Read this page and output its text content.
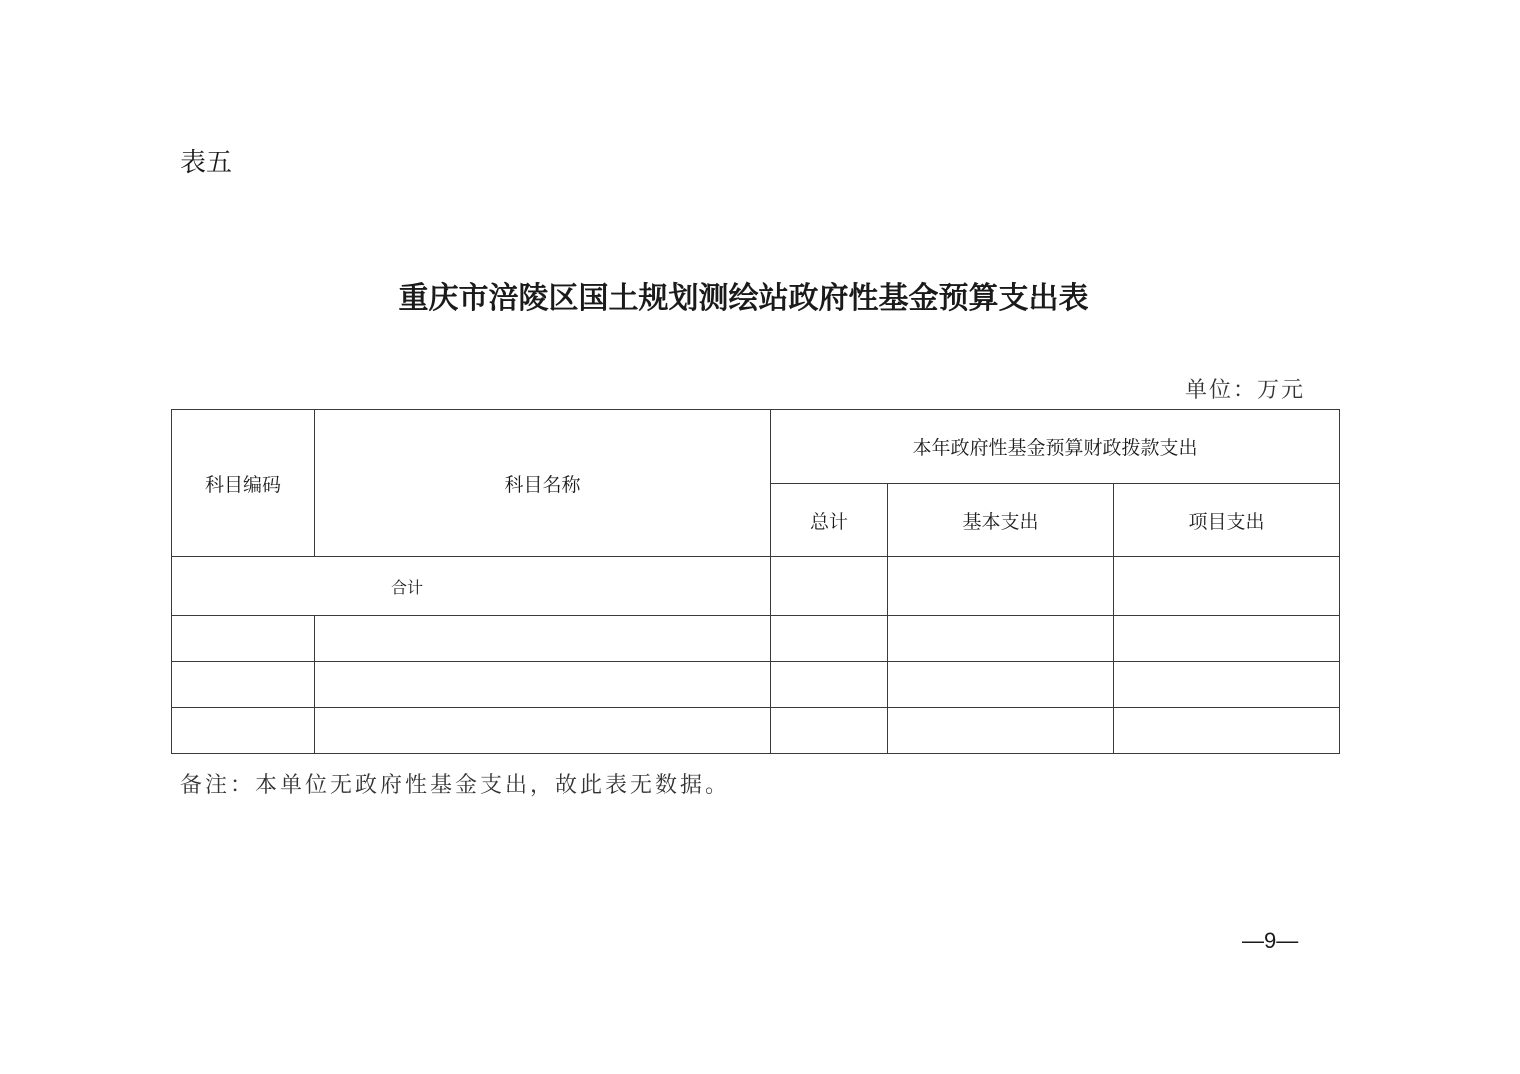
表五
重庆市涪陵区国土规划测绘站政府性基金预算支出表
单位：万元
科目编码	科目名称	本年政府性基金预算财政拨款支出		
		总计	基本支出	项目支出
合计				

备注：本单位无政府性基金支出，故此表无数据。
—9—
